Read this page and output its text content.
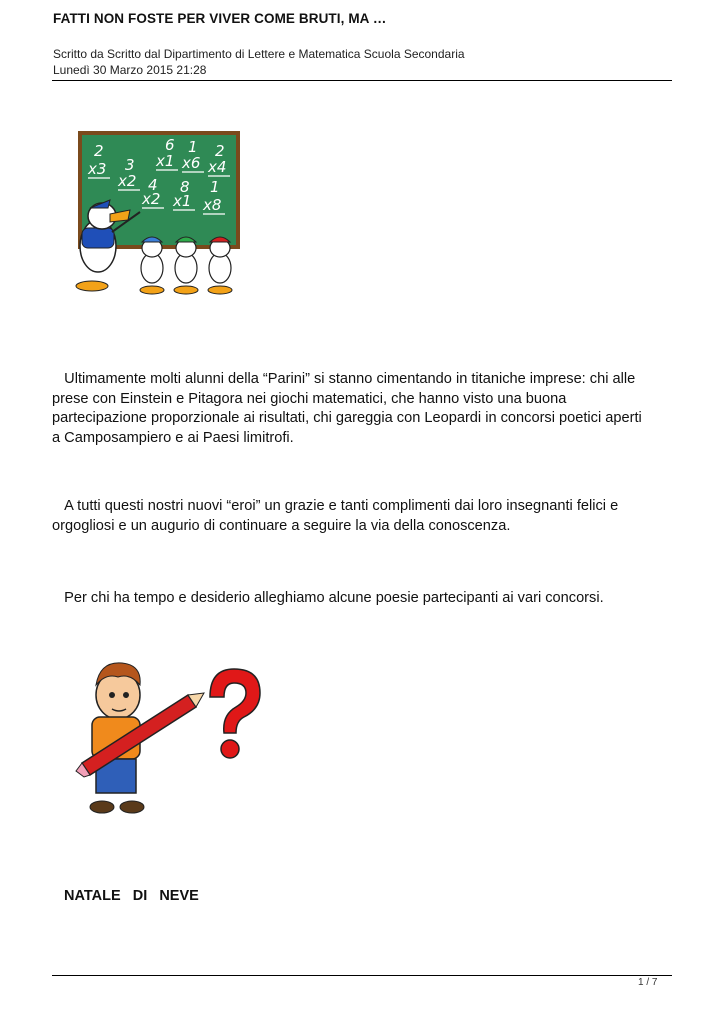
FATTI NON FOSTE PER VIVER COME BRUTI, MA …
Scritto da Scritto dal Dipartimento di Lettere e Matematica Scuola Secondaria
Lunedì 30 Marzo 2015 21:28
2
x3
6
x1
1
x6
2
x4
3
x2 4
x2
8
x1
1
x8

Ultimamente molti alunni della “Parini” si stanno cimentando in titaniche imprese: chi alle prese con Einstein e Pitagora nei giochi matematici, che hanno visto una buona partecipazione proporzionale ai risultati, chi gareggia con Leopardi in concorsi poetici aperti a Camposampiero e ai Paesi limitrofi.

A tutti questi nostri nuovi “eroi” un grazie e tanti complimenti dai loro insegnanti felici e orgogliosi e un augurio di continuare a seguire la via della conoscenza.

Per chi ha tempo e desiderio alleghiamo alcune poesie partecipanti ai vari concorsi.

NATALE   DI   NEVE
1 / 7
